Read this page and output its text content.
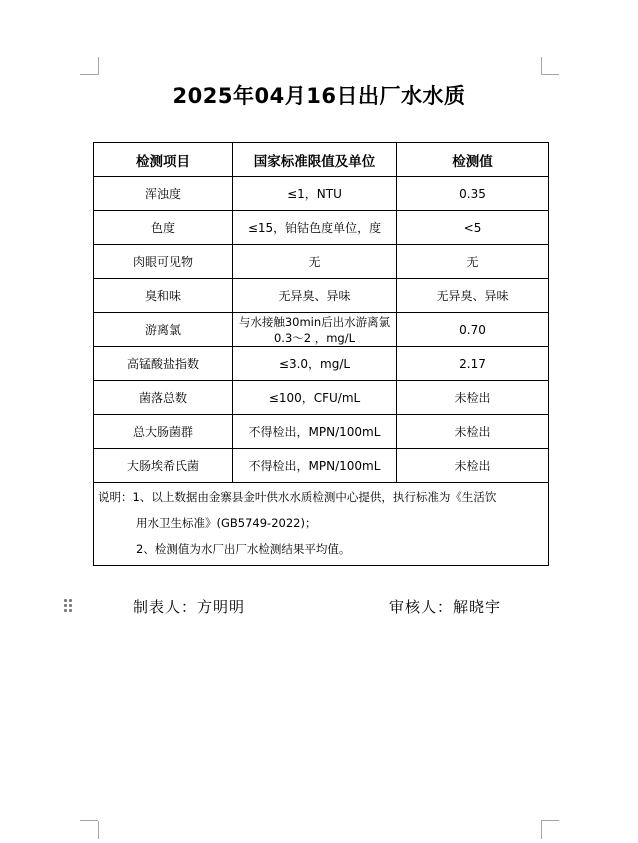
2025年04月16日出厂水水质
检测项目	国家标准限值及单位	检测值
浑浊度	≤1，NTU	0.35
色度	≤15，铂钴色度单位，度	<5
肉眼可见物	无	无
臭和味	无异臭、异味	无异臭、异味
游离氯	与水接触30min后出水游离氯0.3～2 ，mg/L	0.70
高锰酸盐指数	≤3.0，mg/L	2.17
菌落总数	≤100，CFU/mL	未检出
总大肠菌群	不得检出，MPN/100mL	未检出
大肠埃希氏菌	不得检出，MPN/100mL	未检出

说明：1、以上数据由金寨县金叶供水水质检测中心提供，执行标准为《生活饮
用水卫生标准》(GB5749-2022)；
2、检测值为水厂出厂水检测结果平均值。		
制表人：方明明	审核人：解晓宇
